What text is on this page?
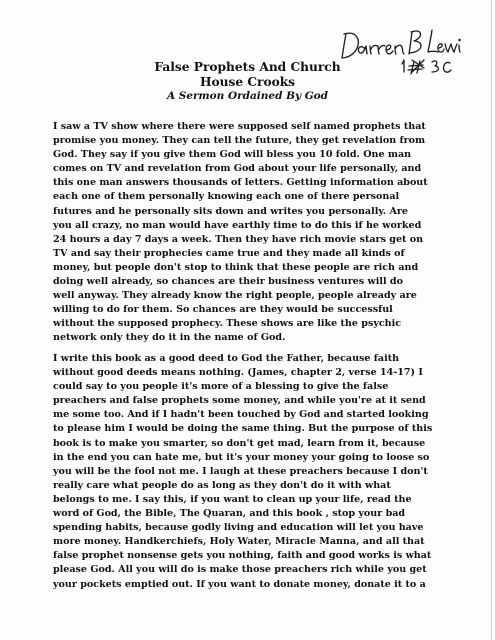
False Prophets And Church
House Crooks
A Sermon Ordained By God
I saw a TV show where there were supposed self named prophets that
promise you money. They can tell the future, they get revelation from
God. They say if you give them God will bless you 10 fold. One man
comes on TV and revelation from God about your life personally, and
this one man answers thousands of letters. Getting information about
each one of them personally knowing each one of there personal
futures and he personally sits down and writes you personally. Are
you all crazy, no man would have earthly time to do this if he worked
24 hours a day 7 days a week. Then they have rich movie stars get on
TV and say their prophecies came true and they made all kinds of
money, but people don't stop to think that these people are rich and
doing well already, so chances are their business ventures will do
well anyway. They already know the right people, people already are
willing to do for them. So chances are they would be successful
without the supposed prophecy. These shows are like the psychic
network only they do it in the name of God.
I write this book as a good deed to God the Father, because faith
without good deeds means nothing. (James, chapter 2, verse 14-17) I
could say to you people it's more of a blessing to give the false
preachers and false prophets some money, and while you're at it send
me some too. And if I hadn't been touched by God and started looking
to please him I would be doing the same thing. But the purpose of this
book is to make you smarter, so don't get mad, learn from it, because
in the end you can hate me, but it's your money your going to loose so
you will be the fool not me. I laugh at these preachers because I don't
really care what people do as long as they don't do it with what
belongs to me. I say this, if you want to clean up your life, read the
word of God, the Bible, The Quaran, and this book , stop your bad
spending habits, because godly living and education will let you have
more money. Handkerchiefs, Holy Water, Miracle Manna, and all that
false prophet nonsense gets you nothing, faith and good works is what
please God. All you will do is make those preachers rich while you get
your pockets emptied out. If you want to donate money, donate it to a
